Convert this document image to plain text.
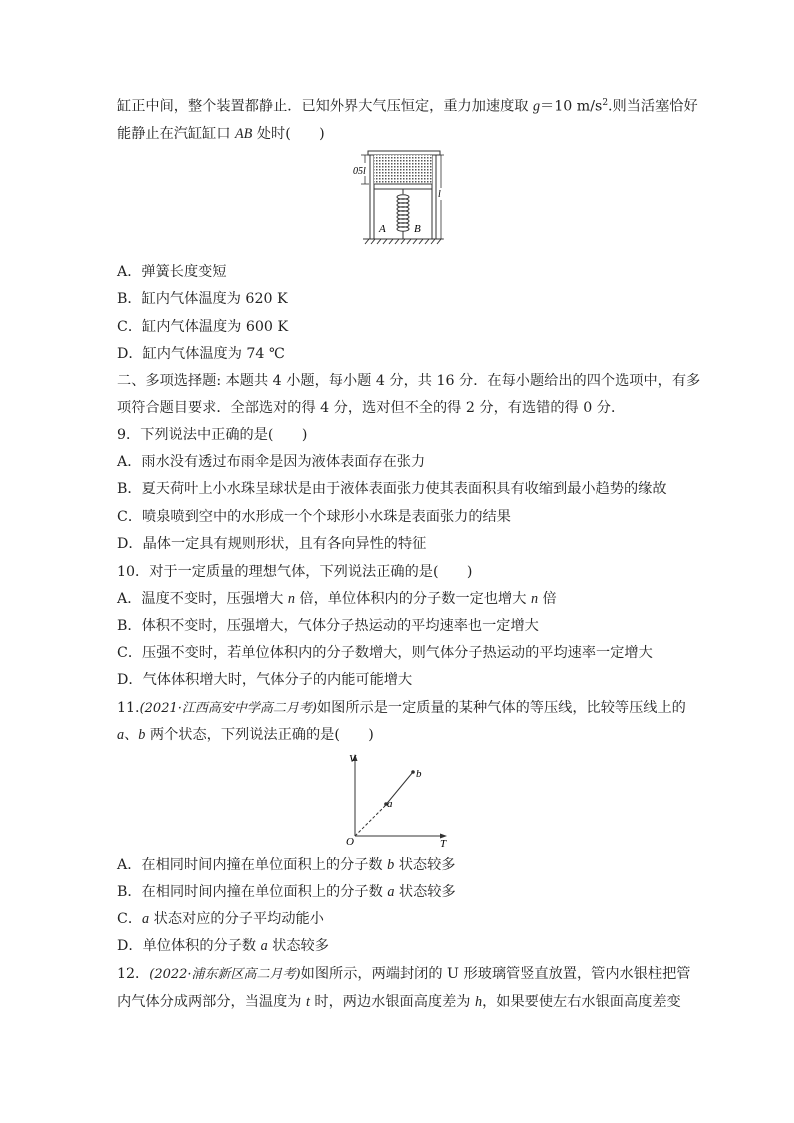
缸正中间，整个装置都静止．已知外界大气压恒定，重力加速度取 g＝10 $m/s^2$.则当活塞恰好
能静止在汽缸缸口 AB 处时(　　)
05l
l
A	B
A．弹簧长度变短
B．缸内气体温度为 620 K
C．缸内气体温度为 600 K
D．缸内气体温度为 74 ℃
二、多项选择题: 本题共 4 小题，每小题 4 分，共 16 分．在每小题给出的四个选项中，有多
项符合题目要求．全部选对的得 4 分，选对但不全的得 2 分，有选错的得 0 分．
9．下列说法中正确的是(　　)
A．雨水没有透过布雨伞是因为液体表面存在张力
B．夏天荷叶上小水珠呈球状是由于液体表面张力使其表面积具有收缩到最小趋势的缘故
C．喷泉喷到空中的水形成一个个球形小水珠是表面张力的结果
D．晶体一定具有规则形状，且有各向异性的特征
10．对于一定质量的理想气体，下列说法正确的是(　　)
A．温度不变时，压强增大 n 倍，单位体积内的分子数一定也增大 n 倍
B．体积不变时，压强增大，气体分子热运动的平均速率也一定增大
C．压强不变时，若单位体积内的分子数增大，则气体分子热运动的平均速率一定增大
D．气体体积增大时，气体分子的内能可能增大
11.(2021·江西高安中学高二月考)如图所示是一定质量的某种气体的等压线，比较等压线上的
a、b 两个状态，下列说法正确的是(　　)
V
T
O
a
b
A．在相同时间内撞在单位面积上的分子数 b 状态较多
B．在相同时间内撞在单位面积上的分子数 a 状态较多
C．a 状态对应的分子平均动能小
D．单位体积的分子数 a 状态较多
12．(2022·浦东新区高二月考)如图所示，两端封闭的 U 形玻璃管竖直放置，管内水银柱把管
内气体分成两部分，当温度为 t 时，两边水银面高度差为 h，如果要使左右水银面高度差变
